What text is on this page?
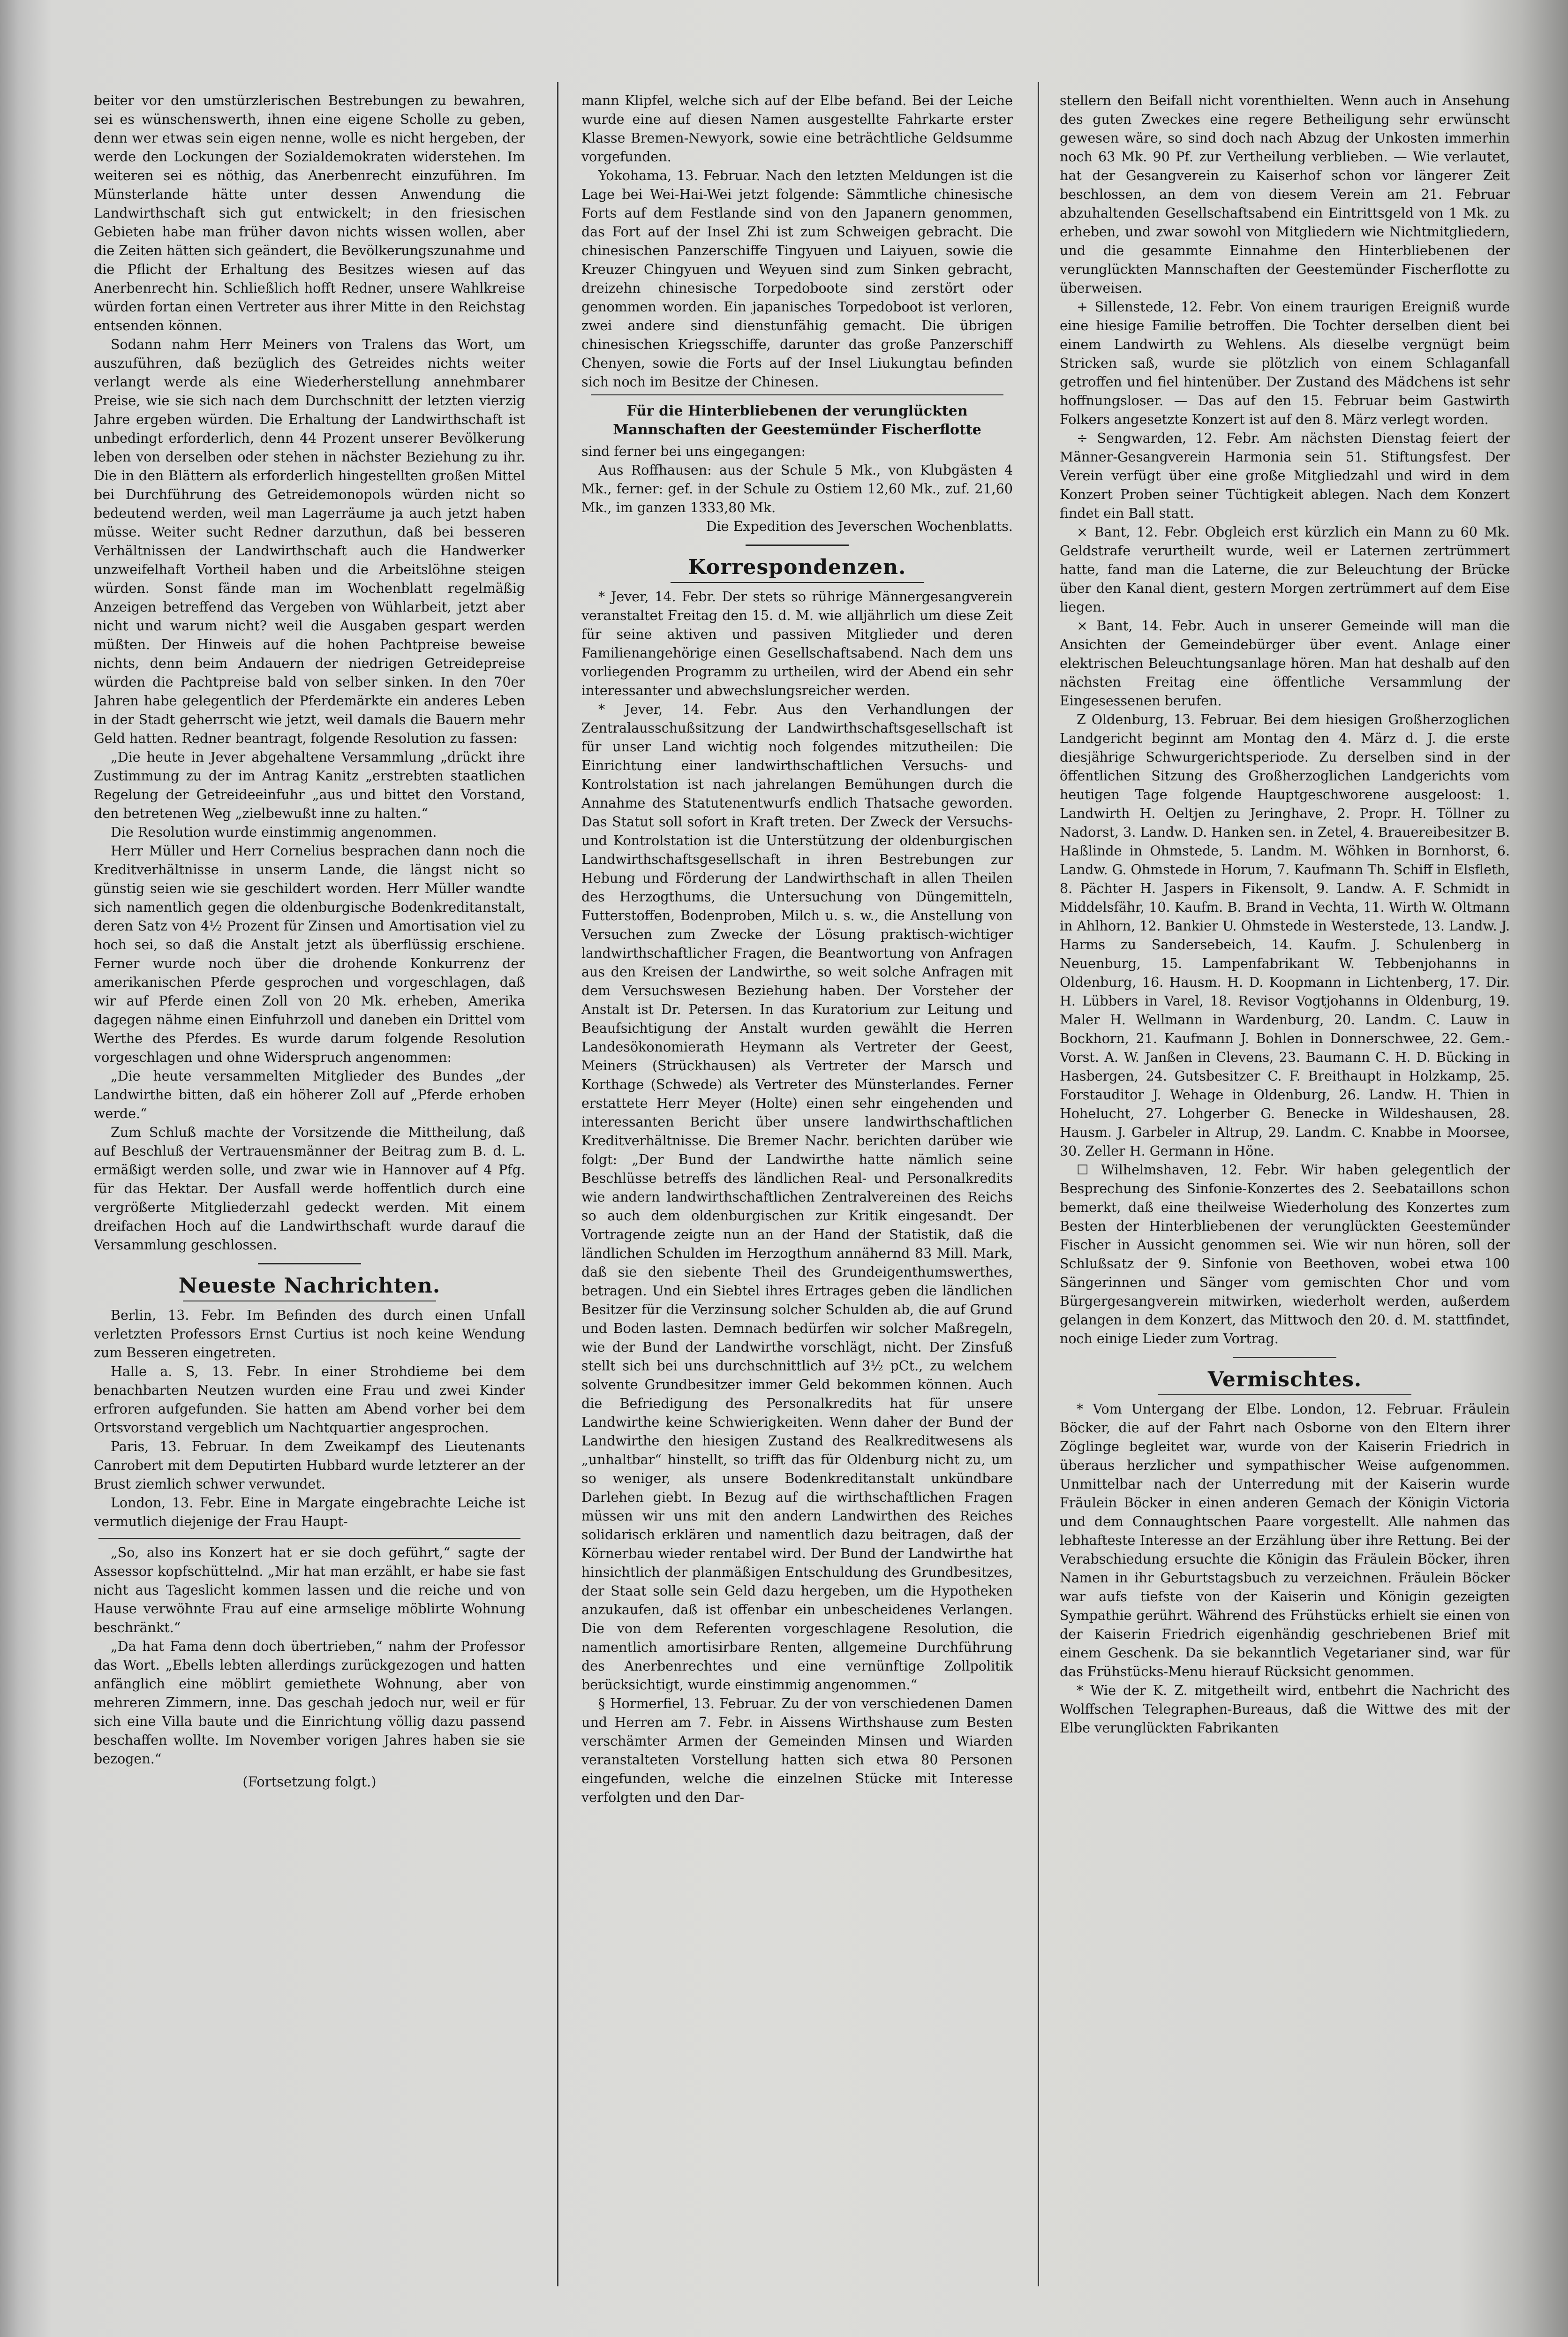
beiter vor den umstürzlerischen Bestrebungen zu bewahren, sei es wünschenswerth, ihnen eine eigene Scholle zu geben, denn wer etwas sein eigen nenne, wolle es nicht hergeben, der werde den Lockungen der Sozialdemokraten widerstehen. Im weiteren sei es nöthig, das Anerbenrecht einzuführen. Im Münsterlande hätte unter dessen Anwendung die Landwirthschaft sich gut entwickelt; in den friesischen Gebieten habe man früher davon nichts wissen wollen, aber die Zeiten hätten sich geändert, die Bevölkerungszunahme und die Pflicht der Erhaltung des Besitzes wiesen auf das Anerbenrecht hin. Schließlich hofft Redner, unsere Wahlkreise würden fortan einen Vertreter aus ihrer Mitte in den Reichstag entsenden können.

Sodann nahm Herr Meiners von Tralens das Wort, um auszuführen, daß bezüglich des Getreides nichts weiter verlangt werde als eine Wiederherstellung annehmbarer Preise, wie sie sich nach dem Durchschnitt der letzten vierzig Jahre ergeben würden. Die Erhaltung der Landwirthschaft ist unbedingt erforderlich, denn 44 Prozent unserer Bevölkerung leben von derselben oder stehen in nächster Beziehung zu ihr. Die in den Blättern als erforderlich hingestellten großen Mittel bei Durchführung des Getreidemonopols würden nicht so bedeutend werden, weil man Lagerräume ja auch jetzt haben müsse. Weiter sucht Redner darzuthun, daß bei besseren Verhältnissen der Landwirthschaft auch die Handwerker unzweifelhaft Vortheil haben und die Arbeitslöhne steigen würden. Sonst fände man im Wochenblatt regelmäßig Anzeigen betreffend das Vergeben von Wühlarbeit, jetzt aber nicht und warum nicht? weil die Ausgaben gespart werden müßten. Der Hinweis auf die hohen Pachtpreise beweise nichts, denn beim Andauern der niedrigen Getreidepreise würden die Pachtpreise bald von selber sinken. In den 70er Jahren habe gelegentlich der Pferdemärkte ein anderes Leben in der Stadt geherrscht wie jetzt, weil damals die Bauern mehr Geld hatten. Redner beantragt, folgende Resolution zu fassen:

„Die heute in Jever abgehaltene Versammlung „drückt ihre Zustimmung zu der im Antrag Kanitz „erstrebten staatlichen Regelung der Getreideeinfuhr „aus und bittet den Vorstand, den betretenen Weg „zielbewußt inne zu halten.“

Die Resolution wurde einstimmig angenommen.

Herr Müller und Herr Cornelius besprachen dann noch die Kreditverhältnisse in unserm Lande, die längst nicht so günstig seien wie sie geschildert worden. Herr Müller wandte sich namentlich gegen die oldenburgische Bodenkreditanstalt, deren Satz von 4½ Prozent für Zinsen und Amortisation viel zu hoch sei, so daß die Anstalt jetzt als überflüssig erschiene. Ferner wurde noch über die drohende Konkurrenz der amerikanischen Pferde gesprochen und vorgeschlagen, daß wir auf Pferde einen Zoll von 20 Mk. erheben, Amerika dagegen nähme einen Einfuhrzoll und daneben ein Drittel vom Werthe des Pferdes. Es wurde darum folgende Resolution vorgeschlagen und ohne Widerspruch angenommen:

„Die heute versammelten Mitglieder des Bundes „der Landwirthe bitten, daß ein höherer Zoll auf „Pferde erhoben werde.“

Zum Schluß machte der Vorsitzende die Mittheilung, daß auf Beschluß der Vertrauensmänner der Beitrag zum B. d. L. ermäßigt werden solle, und zwar wie in Hannover auf 4 Pfg. für das Hektar. Der Ausfall werde hoffentlich durch eine vergrößerte Mitgliederzahl gedeckt werden. Mit einem dreifachen Hoch auf die Landwirthschaft wurde darauf die Versammlung geschlossen.

Neueste Nachrichten.

Berlin, 13. Febr. Im Befinden des durch einen Unfall verletzten Professors Ernst Curtius ist noch keine Wendung zum Besseren eingetreten.

Halle a. S, 13. Febr. In einer Strohdieme bei dem benachbarten Neutzen wurden eine Frau und zwei Kinder erfroren aufgefunden. Sie hatten am Abend vorher bei dem Ortsvorstand vergeblich um Nachtquartier angesprochen.

Paris, 13. Februar. In dem Zweikampf des Lieutenants Canrobert mit dem Deputirten Hubbard wurde letzterer an der Brust ziemlich schwer verwundet.

London, 13. Febr. Eine in Margate eingebrachte Leiche ist vermutlich diejenige der Frau Haupt-

„So, also ins Konzert hat er sie doch geführt,“ sagte der Assessor kopfschüttelnd. „Mir hat man erzählt, er habe sie fast nicht aus Tageslicht kommen lassen und die reiche und von Hause verwöhnte Frau auf eine armselige möblirte Wohnung beschränkt.“

„Da hat Fama denn doch übertrieben,“ nahm der Professor das Wort. „Ebells lebten allerdings zurückgezogen und hatten anfänglich eine möblirt gemiethete Wohnung, aber von mehreren Zimmern, inne. Das geschah jedoch nur, weil er für sich eine Villa baute und die Einrichtung völlig dazu passend beschaffen wollte. Im November vorigen Jahres haben sie sie bezogen.“

(Fortsetzung folgt.)

mann Klipfel, welche sich auf der Elbe befand. Bei der Leiche wurde eine auf diesen Namen ausgestellte Fahrkarte erster Klasse Bremen-Newyork, sowie eine beträchtliche Geldsumme vorgefunden.

Yokohama, 13. Februar. Nach den letzten Meldungen ist die Lage bei Wei-Hai-Wei jetzt folgende: Sämmtliche chinesische Forts auf dem Festlande sind von den Japanern genommen, das Fort auf der Insel Zhi ist zum Schweigen gebracht. Die chinesischen Panzerschiffe Tingyuen und Laiyuen, sowie die Kreuzer Chingyuen und Weyuen sind zum Sinken gebracht, dreizehn chinesische Torpedoboote sind zerstört oder genommen worden. Ein japanisches Torpedoboot ist verloren, zwei andere sind dienstunfähig gemacht. Die übrigen chinesischen Kriegsschiffe, darunter das große Panzerschiff Chenyen, sowie die Forts auf der Insel Liukungtau befinden sich noch im Besitze der Chinesen.

Für die Hinterbliebenen der verunglückten Mannschaften der Geestemünder Fischerflotte

sind ferner bei uns eingegangen:

Aus Roffhausen: aus der Schule 5 Mk., von Klubgästen 4 Mk., ferner: gef. in der Schule zu Ostiem 12,60 Mk., zuf. 21,60 Mk., im ganzen 1333,80 Mk.

Die Expedition des Jeverschen Wochenblatts.

Korrespondenzen.

* Jever, 14. Febr. Der stets so rührige Männergesangverein veranstaltet Freitag den 15. d. M. wie alljährlich um diese Zeit für seine aktiven und passiven Mitglieder und deren Familienangehörige einen Gesellschaftsabend. Nach dem uns vorliegenden Programm zu urtheilen, wird der Abend ein sehr interessanter und abwechslungsreicher werden.

* Jever, 14. Febr. Aus den Verhandlungen der Zentralausschußsitzung der Landwirthschaftsgesellschaft ist für unser Land wichtig noch folgendes mitzutheilen: Die Einrichtung einer landwirthschaftlichen Versuchs- und Kontrolstation ist nach jahrelangen Bemühungen durch die Annahme des Statutenentwurfs endlich Thatsache geworden. Das Statut soll sofort in Kraft treten. Der Zweck der Versuchs- und Kontrolstation ist die Unterstützung der oldenburgischen Landwirthschaftsgesellschaft in ihren Bestrebungen zur Hebung und Förderung der Landwirthschaft in allen Theilen des Herzogthums, die Untersuchung von Düngemitteln, Futterstoffen, Bodenproben, Milch u. s. w., die Anstellung von Versuchen zum Zwecke der Lösung praktisch-wichtiger landwirthschaftlicher Fragen, die Beantwortung von Anfragen aus den Kreisen der Landwirthe, so weit solche Anfragen mit dem Versuchswesen Beziehung haben. Der Vorsteher der Anstalt ist Dr. Petersen. In das Kuratorium zur Leitung und Beaufsichtigung der Anstalt wurden gewählt die Herren Landesökonomierath Heymann als Vertreter der Geest, Meiners (Strückhausen) als Vertreter der Marsch und Korthage (Schwede) als Vertreter des Münsterlandes. Ferner erstattete Herr Meyer (Holte) einen sehr eingehenden und interessanten Bericht über unsere landwirthschaftlichen Kreditverhältnisse. Die Bremer Nachr. berichten darüber wie folgt: „Der Bund der Landwirthe hatte nämlich seine Beschlüsse betreffs des ländlichen Real- und Personalkredits wie andern landwirthschaftlichen Zentralvereinen des Reichs so auch dem oldenburgischen zur Kritik eingesandt. Der Vortragende zeigte nun an der Hand der Statistik, daß die ländlichen Schulden im Herzogthum annähernd 83 Mill. Mark, daß sie den siebente Theil des Grundeigenthumswerthes, betragen. Und ein Siebtel ihres Ertrages geben die ländlichen Besitzer für die Verzinsung solcher Schulden ab, die auf Grund und Boden lasten. Demnach bedürfen wir solcher Maßregeln, wie der Bund der Landwirthe vorschlägt, nicht. Der Zinsfuß stellt sich bei uns durchschnittlich auf 3½ pCt., zu welchem solvente Grundbesitzer immer Geld bekommen können. Auch die Befriedigung des Personalkredits hat für unsere Landwirthe keine Schwierigkeiten. Wenn daher der Bund der Landwirthe den hiesigen Zustand des Realkreditwesens als „unhaltbar“ hinstellt, so trifft das für Oldenburg nicht zu, um so weniger, als unsere Bodenkreditanstalt unkündbare Darlehen giebt. In Bezug auf die wirthschaftlichen Fragen müssen wir uns mit den andern Landwirthen des Reiches solidarisch erklären und namentlich dazu beitragen, daß der Körnerbau wieder rentabel wird. Der Bund der Landwirthe hat hinsichtlich der planmäßigen Entschuldung des Grundbesitzes, der Staat solle sein Geld dazu hergeben, um die Hypotheken anzukaufen, daß ist offenbar ein unbescheidenes Verlangen. Die von dem Referenten vorgeschlagene Resolution, die namentlich amortisirbare Renten, allgemeine Durchführung des Anerbenrechtes und eine vernünftige Zollpolitik berücksichtigt, wurde einstimmig angenommen.“

§ Hormerfiel, 13. Februar. Zu der von verschiedenen Damen und Herren am 7. Febr. in Aissens Wirthshause zum Besten verschämter Armen der Gemeinden Minsen und Wiarden veranstalteten Vorstellung hatten sich etwa 80 Personen eingefunden, welche die einzelnen Stücke mit Interesse verfolgten und den Dar-

stellern den Beifall nicht vorenthielten. Wenn auch in Ansehung des guten Zweckes eine regere Betheiligung sehr erwünscht gewesen wäre, so sind doch nach Abzug der Unkosten immerhin noch 63 Mk. 90 Pf. zur Vertheilung verblieben. — Wie verlautet, hat der Gesangverein zu Kaiserhof schon vor längerer Zeit beschlossen, an dem von diesem Verein am 21. Februar abzuhaltenden Gesellschaftsabend ein Eintrittsgeld von 1 Mk. zu erheben, und zwar sowohl von Mitgliedern wie Nichtmitgliedern, und die gesammte Einnahme den Hinterbliebenen der verunglückten Mannschaften der Geestemünder Fischerflotte zu überweisen.

+ Sillenstede, 12. Febr. Von einem traurigen Ereigniß wurde eine hiesige Familie betroffen. Die Tochter derselben dient bei einem Landwirth zu Wehlens. Als dieselbe vergnügt beim Stricken saß, wurde sie plötzlich von einem Schlaganfall getroffen und fiel hintenüber. Der Zustand des Mädchens ist sehr hoffnungsloser. — Das auf den 15. Februar beim Gastwirth Folkers angesetzte Konzert ist auf den 8. März verlegt worden.

÷ Sengwarden, 12. Febr. Am nächsten Dienstag feiert der Männer-Gesangverein Harmonia sein 51. Stiftungsfest. Der Verein verfügt über eine große Mitgliedzahl und wird in dem Konzert Proben seiner Tüchtigkeit ablegen. Nach dem Konzert findet ein Ball statt.

× Bant, 12. Febr. Obgleich erst kürzlich ein Mann zu 60 Mk. Geldstrafe verurtheilt wurde, weil er Laternen zertrümmert hatte, fand man die Laterne, die zur Beleuchtung der Brücke über den Kanal dient, gestern Morgen zertrümmert auf dem Eise liegen.

× Bant, 14. Febr. Auch in unserer Gemeinde will man die Ansichten der Gemeindebürger über event. Anlage einer elektrischen Beleuchtungsanlage hören. Man hat deshalb auf den nächsten Freitag eine öffentliche Versammlung der Eingesessenen berufen.

Z Oldenburg, 13. Februar. Bei dem hiesigen Großherzoglichen Landgericht beginnt am Montag den 4. März d. J. die erste diesjährige Schwurgerichtsperiode. Zu derselben sind in der öffentlichen Sitzung des Großherzoglichen Landgerichts vom heutigen Tage folgende Hauptgeschworene ausgeloost: 1. Landwirth H. Oeltjen zu Jeringhave, 2. Propr. H. Töllner zu Nadorst, 3. Landw. D. Hanken sen. in Zetel, 4. Brauereibesitzer B. Haßlinde in Ohmstede, 5. Landm. M. Wöhken in Bornhorst, 6. Landw. G. Ohmstede in Horum, 7. Kaufmann Th. Schiff in Elsfleth, 8. Pächter H. Jaspers in Fikensolt, 9. Landw. A. F. Schmidt in Middelsfähr, 10. Kaufm. B. Brand in Vechta, 11. Wirth W. Oltmann in Ahlhorn, 12. Bankier U. Ohmstede in Westerstede, 13. Landw. J. Harms zu Sandersebeich, 14. Kaufm. J. Schulenberg in Neuenburg, 15. Lampenfabrikant W. Tebbenjohanns in Oldenburg, 16. Hausm. H. D. Koopmann in Lichtenberg, 17. Dir. H. Lübbers in Varel, 18. Revisor Vogtjohanns in Oldenburg, 19. Maler H. Wellmann in Wardenburg, 20. Landm. C. Lauw in Bockhorn, 21. Kaufmann J. Bohlen in Donnerschwee, 22. Gem.-Vorst. A. W. Janßen in Clevens, 23. Baumann C. H. D. Bücking in Hasbergen, 24. Gutsbesitzer C. F. Breithaupt in Holzkamp, 25. Forstauditor J. Wehage in Oldenburg, 26. Landw. H. Thien in Hohelucht, 27. Lohgerber G. Benecke in Wildeshausen, 28. Hausm. J. Garbeler in Altrup, 29. Landm. C. Knabbe in Moorsee, 30. Zeller H. Germann in Höne.

☐ Wilhelmshaven, 12. Febr. Wir haben gelegentlich der Besprechung des Sinfonie-Konzertes des 2. Seebataillons schon bemerkt, daß eine theilweise Wiederholung des Konzertes zum Besten der Hinterbliebenen der verunglückten Geestemünder Fischer in Aussicht genommen sei. Wie wir nun hören, soll der Schlußsatz der 9. Sinfonie von Beethoven, wobei etwa 100 Sängerinnen und Sänger vom gemischten Chor und vom Bürgergesangverein mitwirken, wiederholt werden, außerdem gelangen in dem Konzert, das Mittwoch den 20. d. M. stattfindet, noch einige Lieder zum Vortrag.

Vermischtes.

* Vom Untergang der Elbe. London, 12. Februar. Fräulein Böcker, die auf der Fahrt nach Osborne von den Eltern ihrer Zöglinge begleitet war, wurde von der Kaiserin Friedrich in überaus herzlicher und sympathischer Weise aufgenommen. Unmittelbar nach der Unterredung mit der Kaiserin wurde Fräulein Böcker in einen anderen Gemach der Königin Victoria und dem Connaughtschen Paare vorgestellt. Alle nahmen das lebhafteste Interesse an der Erzählung über ihre Rettung. Bei der Verabschiedung ersuchte die Königin das Fräulein Böcker, ihren Namen in ihr Geburtstagsbuch zu verzeichnen. Fräulein Böcker war aufs tiefste von der Kaiserin und Königin gezeigten Sympathie gerührt. Während des Frühstücks erhielt sie einen von der Kaiserin Friedrich eigenhändig geschriebenen Brief mit einem Geschenk. Da sie bekanntlich Vegetarianer sind, war für das Frühstücks-Menu hierauf Rücksicht genommen.

* Wie der K. Z. mitgetheilt wird, entbehrt die Nachricht des Wolffschen Telegraphen-Bureaus, daß die Wittwe des mit der Elbe verunglückten Fabrikanten
